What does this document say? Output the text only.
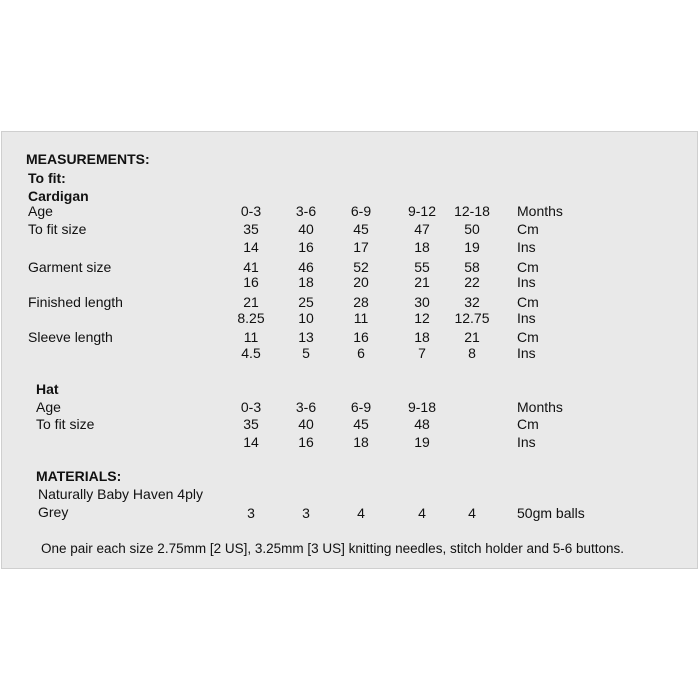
MEASUREMENTS:
To fit:
Cardigan
Age	0-3	3-6	6-9	9-12	12-18	Months
To fit size	35	40	45	47	50	Cm
14	16	17	18	19	Ins
Garment size	41	46	52	55	58	Cm
16	18	20	21	22	Ins
Finished length	21	25	28	30	32	Cm
8.25	10	11	12	12.75	Ins
Sleeve length	11	13	16	18	21	Cm
4.5	5	6	7	8	Ins
Hat
Age	0-3	3-6	6-9	9-18	Months
To fit size	35	40	45	48	Cm
14	16	18	19	Ins
MATERIALS:
Naturally Baby Haven 4ply
Grey	3	3	4	4	4	50gm balls
One pair each size 2.75mm [2 US], 3.25mm [3 US] knitting needles, stitch holder and 5-6 buttons.
